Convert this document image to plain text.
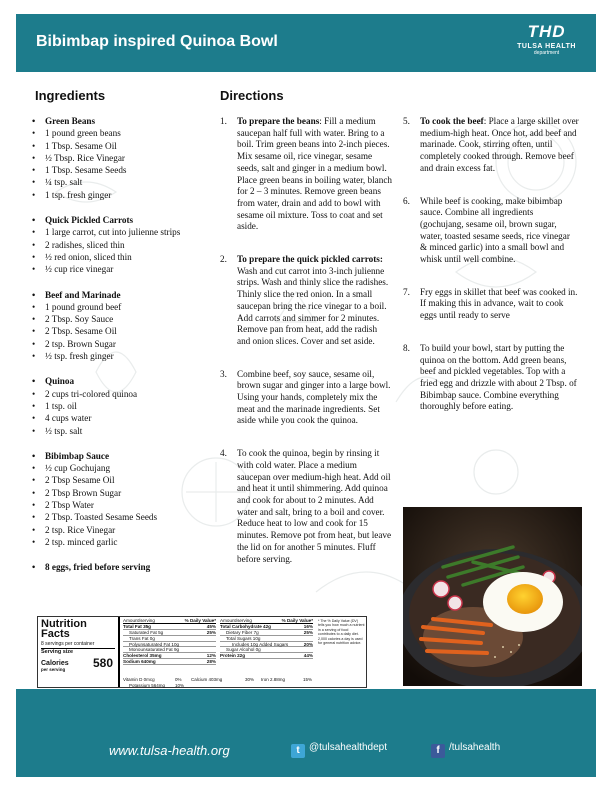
Bibimbap inspired Quinoa Bowl
THD
TULSA HEALTH
department
Ingredients	Directions
• Green Beans
• 1 pound green beans
• 1 Tbsp. Sesame Oil
• ½ Tbsp. Rice Vinegar
• 1 Tbsp. Sesame Seeds
• ¼ tsp. salt
• 1 tsp. fresh ginger
• Quick Pickled Carrots
• 1 large carrot, cut into julienne strips
• 2 radishes, sliced thin
• ½ red onion, sliced thin
• ½ cup rice vinegar
• Beef and Marinade
• 1 pound ground beef
• 2 Tbsp. Soy Sauce
• 2 Tbsp. Sesame Oil
• 2 tsp. Brown Sugar
• ½ tsp. fresh ginger
• Quinoa
• 2 cups tri-colored quinoa
• 1 tsp. oil
• 4 cups water
• ½ tsp. salt
• Bibimbap Sauce
• ½ cup Gochujang
• 2 Tbsp Sesame Oil
• 2 Tbsp Brown Sugar
• 2 Tbsp Water
• 2 Tbsp. Toasted Sesame Seeds
• 2 tsp. Rice Vinegar
• 2 tsp. minced garlic
• 8 eggs, fried before serving
1. To prepare the beans: Fill a medium saucepan half full with water. Bring to a boil. Trim green beans into 2-inch pieces. Mix sesame oil, rice vinegar, sesame seeds, salt and ginger in a medium bowl. Place green beans in boiling water, blanch for 2 – 3 minutes. Remove green beans from water, drain and add to bowl with sesame oil mixture. Toss to coat and set aside.
2. To prepare the quick pickled carrots: Wash and cut carrot into 3-inch julienne strips. Wash and thinly slice the radishes. Thinly slice the red onion. In a small saucepan bring the rice vinegar to a boil. Add carrots and simmer for 2 minutes. Remove pan from heat, add the radish and onion slices. Cover and set aside.
3. Combine beef, soy sauce, sesame oil, brown sugar and ginger into a large bowl. Using your hands, completely mix the meat and the marinade ingredients. Set aside while you cook the quinoa.
4. To cook the quinoa, begin by rinsing it with cold water. Place a medium saucepan over medium-high heat. Add oil and heat it until shimmering. Add quinoa and cook for about to 2 minutes. Add water and salt, bring to a boil and cover. Reduce heat to low and cook for 15 minutes. Remove pot from heat, but leave the lid on for another 5 minutes. Fluff before serving.
5. To cook the beef: Place a large skillet over medium-high heat. Once hot, add beef and marinade. Cook, stirring often, until completely cooked through. Remove beef and drain excess fat.
6. While beef is cooking, make bibimbap sauce. Combine all ingredients (gochujang, sesame oil, brown sugar, water, toasted sesame seeds, rice vinegar & minced garlic) into a small bowl and whisk until well combine.
7. Fry eggs in skillet that beef was cooked in. If making this in advance, wait to cook eggs until ready to serve
8. To build your bowl, start by putting the quinoa on the bottom. Add green beans, beef and pickled vegetables. Top with a fried egg and drizzle with about 2 Tbsp. of Bibimbap sauce. Combine everything thoroughly before eating.
Nutrition Facts
8 servings per container
Serving size
Calories 580
per serving
Amount/serving	% Daily Value*
Total Fat 35g	45%
Saturated Fat 5g	25%
Trans Fat 0g
Polyunsaturated Fat 10g
Monounsaturated Fat 9g
Cholesterol 35mg	12%
Sodium 640mg	28%
Amount/serving	% Daily Value*
Total Carbohydrate 42g	16%
Dietary Fiber 7g	25%
Total Sugars 10g
Includes 10g Added Sugars	20%
Sugar Alcohol 0g
Protein 22g	44%
Vitamin D 0mcg	0% Calcium 403mg	30% Iron 2.88mg	15%
Potassium 564mg 10%
* The % Daily Value (DV) tells you how much a nutrient in a serving of food contributes to a daily diet. 2,000 calories a day is used for general nutrition advice.
www.tulsa-health.org	t @tulsahealthdept	f /tulsahealth
